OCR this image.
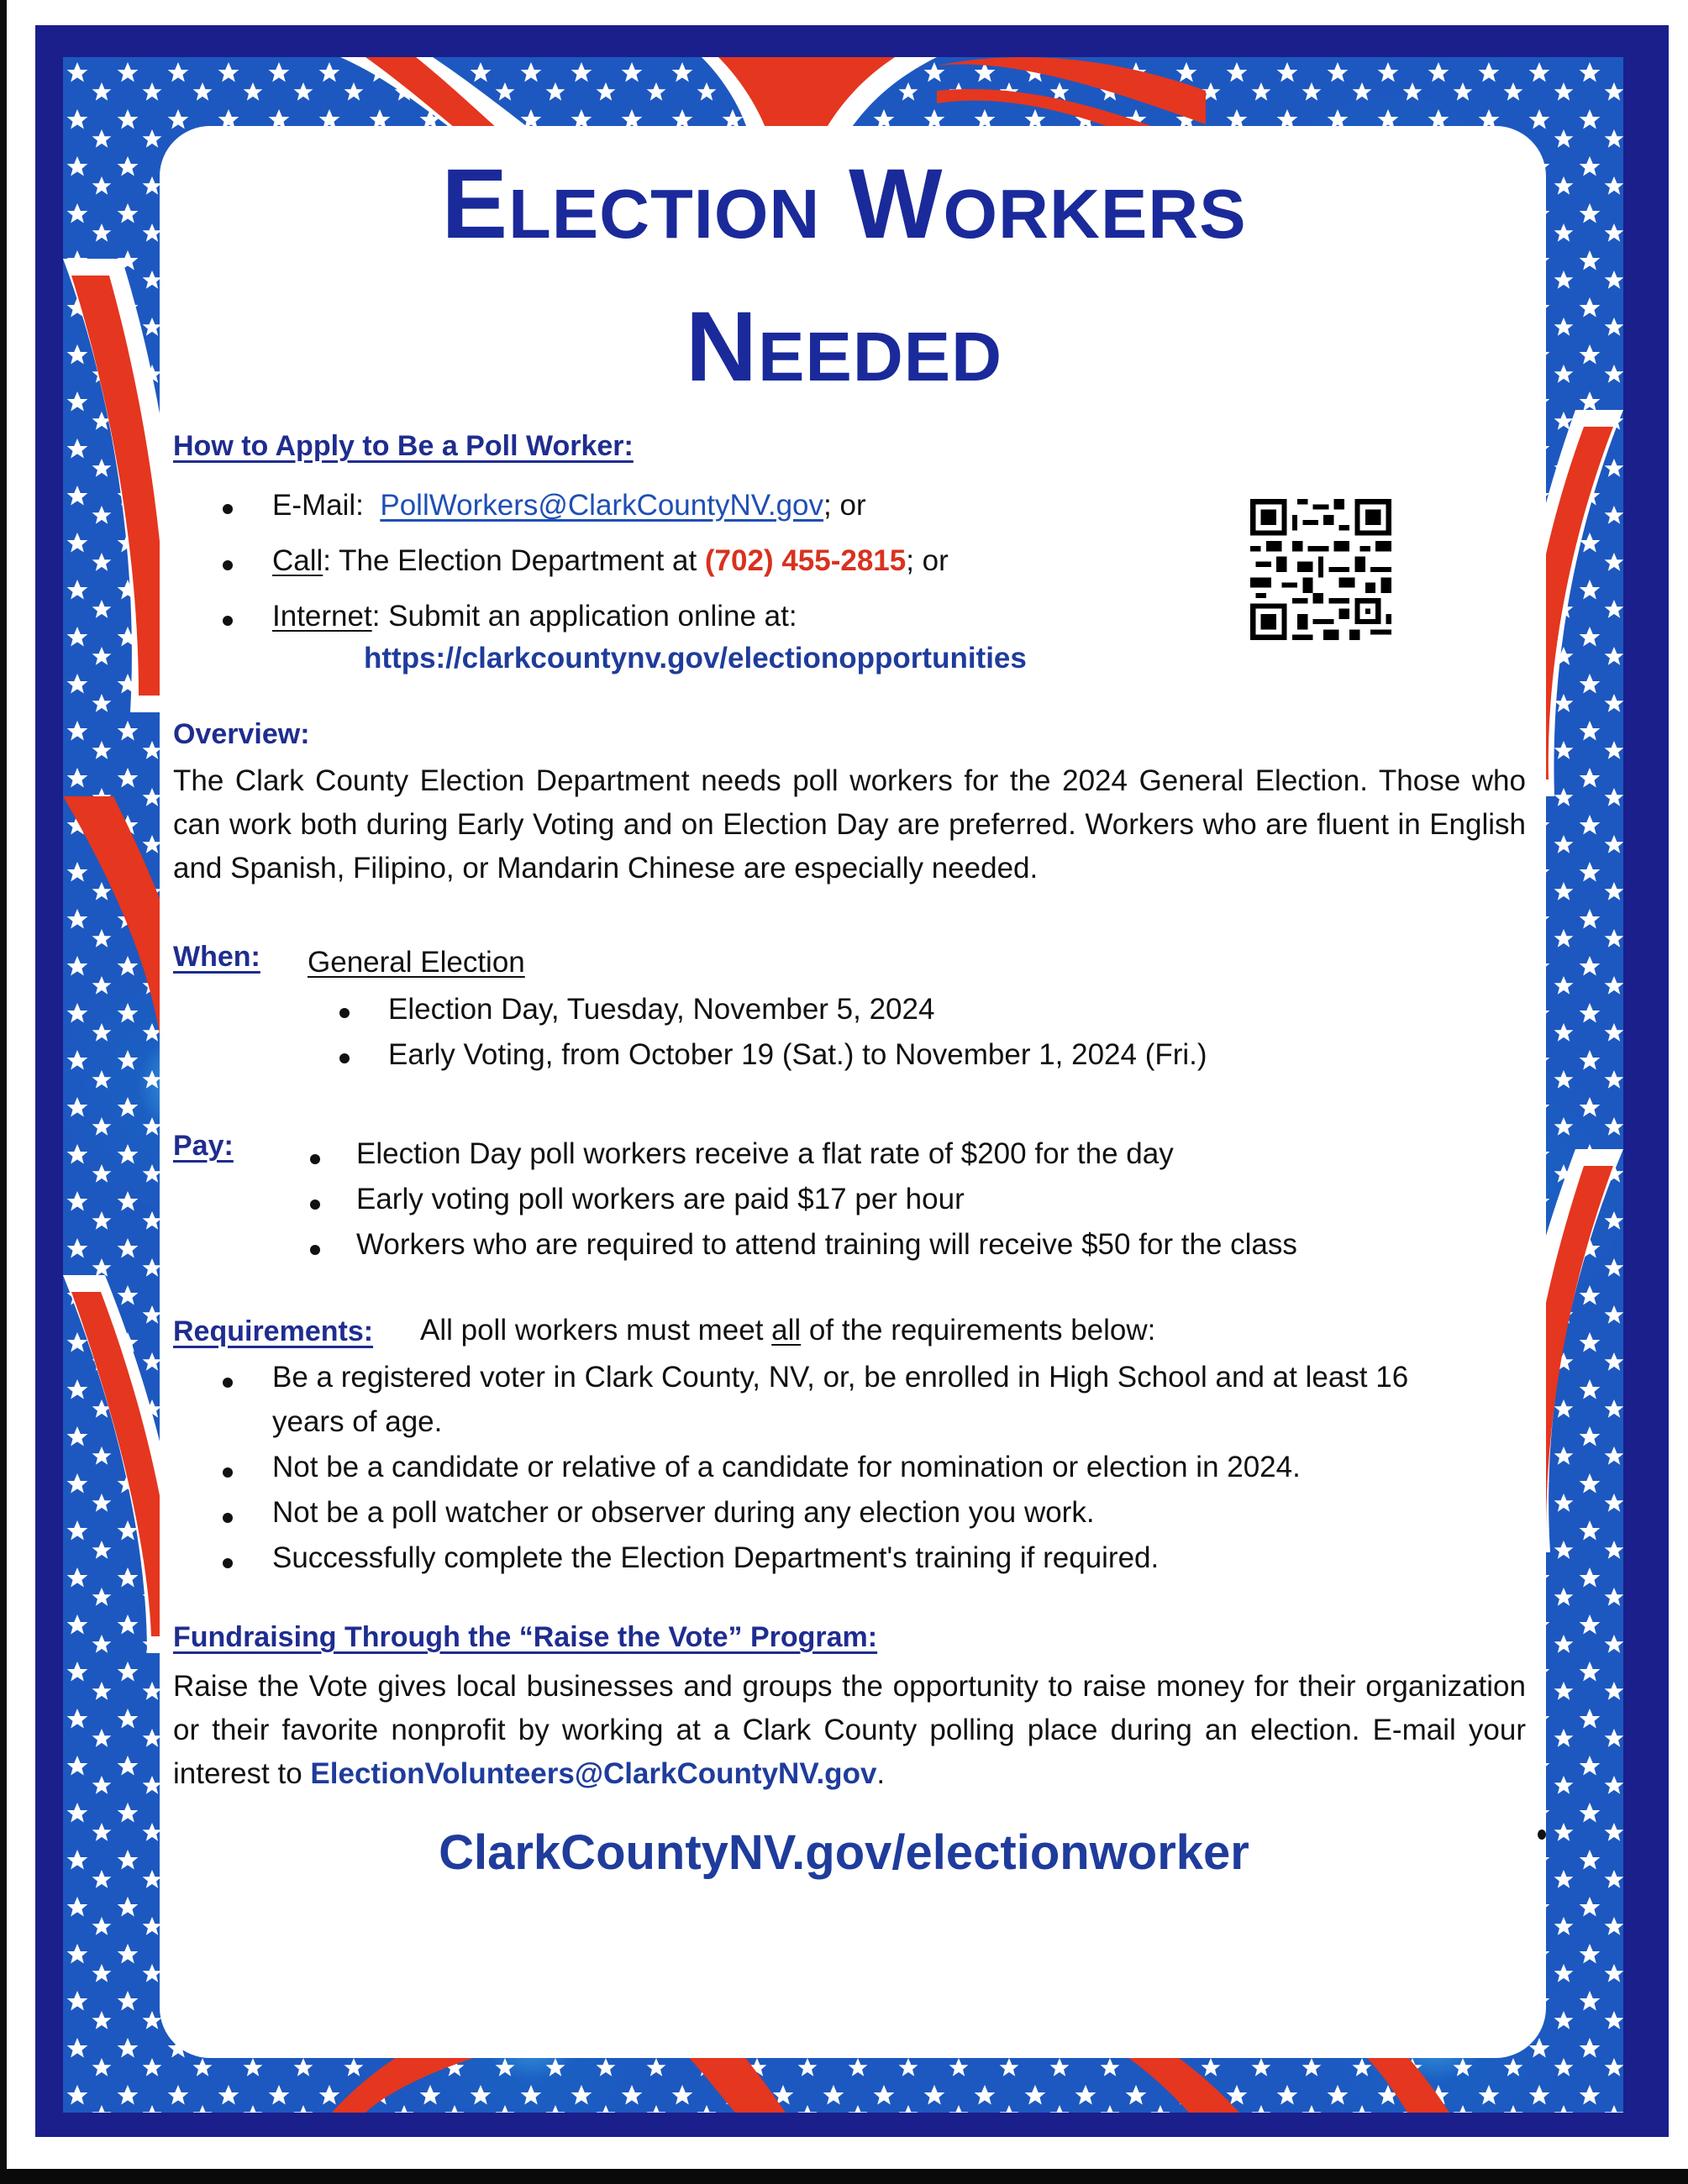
Election Workers
Needed
How to Apply to Be a Poll Worker:
E-Mail: PollWorkers@ClarkCountyNV.gov; or
Call: The Election Department at (702) 455-2815; or
Internet: Submit an application online at:
https://clarkcountynv.gov/electionopportunities
Overview:
The Clark County Election Department needs poll workers for the 2024 General Election. Those who can work both during Early Voting and on Election Day are preferred. Workers who are fluent in English and Spanish, Filipino, or Mandarin Chinese are especially needed.
When: General Election
Election Day, Tuesday, November 5, 2024
Early Voting, from October 19 (Sat.) to November 1, 2024 (Fri.)
Pay:	Election Day poll workers receive a flat rate of $200 for the day
Early voting poll workers are paid $17 per hour
Workers who are required to attend training will receive $50 for the class
Requirements: All poll workers must meet all of the requirements below:
Be a registered voter in Clark County, NV, or, be enrolled in High School and at least 16
years of age.
Not be a candidate or relative of a candidate for nomination or election in 2024.
Not be a poll watcher or observer during any election you work.
Successfully complete the Election Department's training if required.
Fundraising Through the “Raise the Vote” Program:
Raise the Vote gives local businesses and groups the opportunity to raise money for their organization or their favorite nonprofit by working at a Clark County polling place during an election. E-mail your interest to ElectionVolunteers@ClarkCountyNV.gov.
ClarkCountyNV.gov/electionworker
